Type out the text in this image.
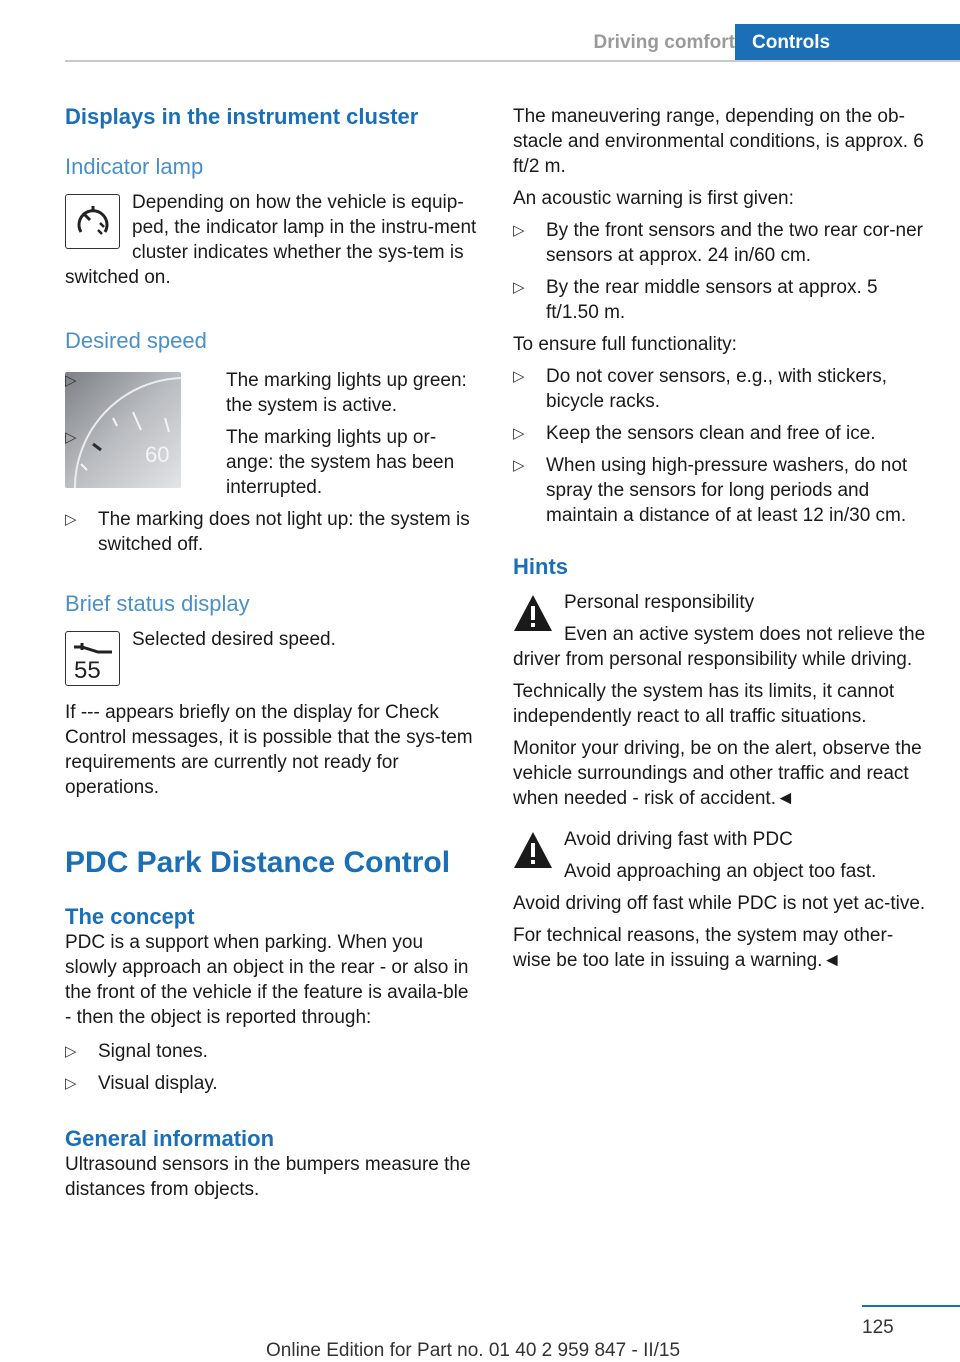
Driving comfort Controls
Displays in the instrument cluster
Indicator lamp

Depending on how the vehicle is equip‐ped, the indicator lamp in the instru‐ment cluster indicates whether the sys‐tem is switched on.

Desired speed
60
▷ The marking lights up green: the system is active.
▷ The marking lights up or‐ange: the system has been interrupted.
▷ The marking does not light up: the system is switched off.
Brief status display
55

Selected desired speed.

If --- appears briefly on the display for Check Control messages, it is possible that the sys‐tem requirements are currently not ready for operations.

PDC Park Distance Control
The concept

PDC is a support when parking. When you slowly approach an object in the rear - or also in the front of the vehicle if the feature is availa‐ble - then the object is reported through:

▷ Signal tones.
▷ Visual display.
General information

Ultrasound sensors in the bumpers measure the distances from objects.

The maneuvering range, depending on the ob‐stacle and environmental conditions, is approx. 6 ft/2 m.

An acoustic warning is first given:

▷ By the front sensors and the two rear cor‐ner sensors at approx. 24 in/60 cm.
▷ By the rear middle sensors at approx. 5 ft/1.50 m.

To ensure full functionality:

▷ Do not cover sensors, e.g., with stickers, bicycle racks.
▷ Keep the sensors clean and free of ice.
▷ When using high-pressure washers, do not spray the sensors for long periods and maintain a distance of at least 12 in/30 cm.
Hints

Personal responsibility

Even an active system does not relieve the driver from personal responsibility while driving.

Technically the system has its limits, it cannot independently react to all traffic situations.

Monitor your driving, be on the alert, observe the vehicle surroundings and other traffic and react when needed - risk of accident.◄

Avoid driving fast with PDC

Avoid approaching an object too fast.

Avoid driving off fast while PDC is not yet ac‐tive.

For technical reasons, the system may other‐wise be too late in issuing a warning.◄

125
Online Edition for Part no. 01 40 2 959 847 - II/15
